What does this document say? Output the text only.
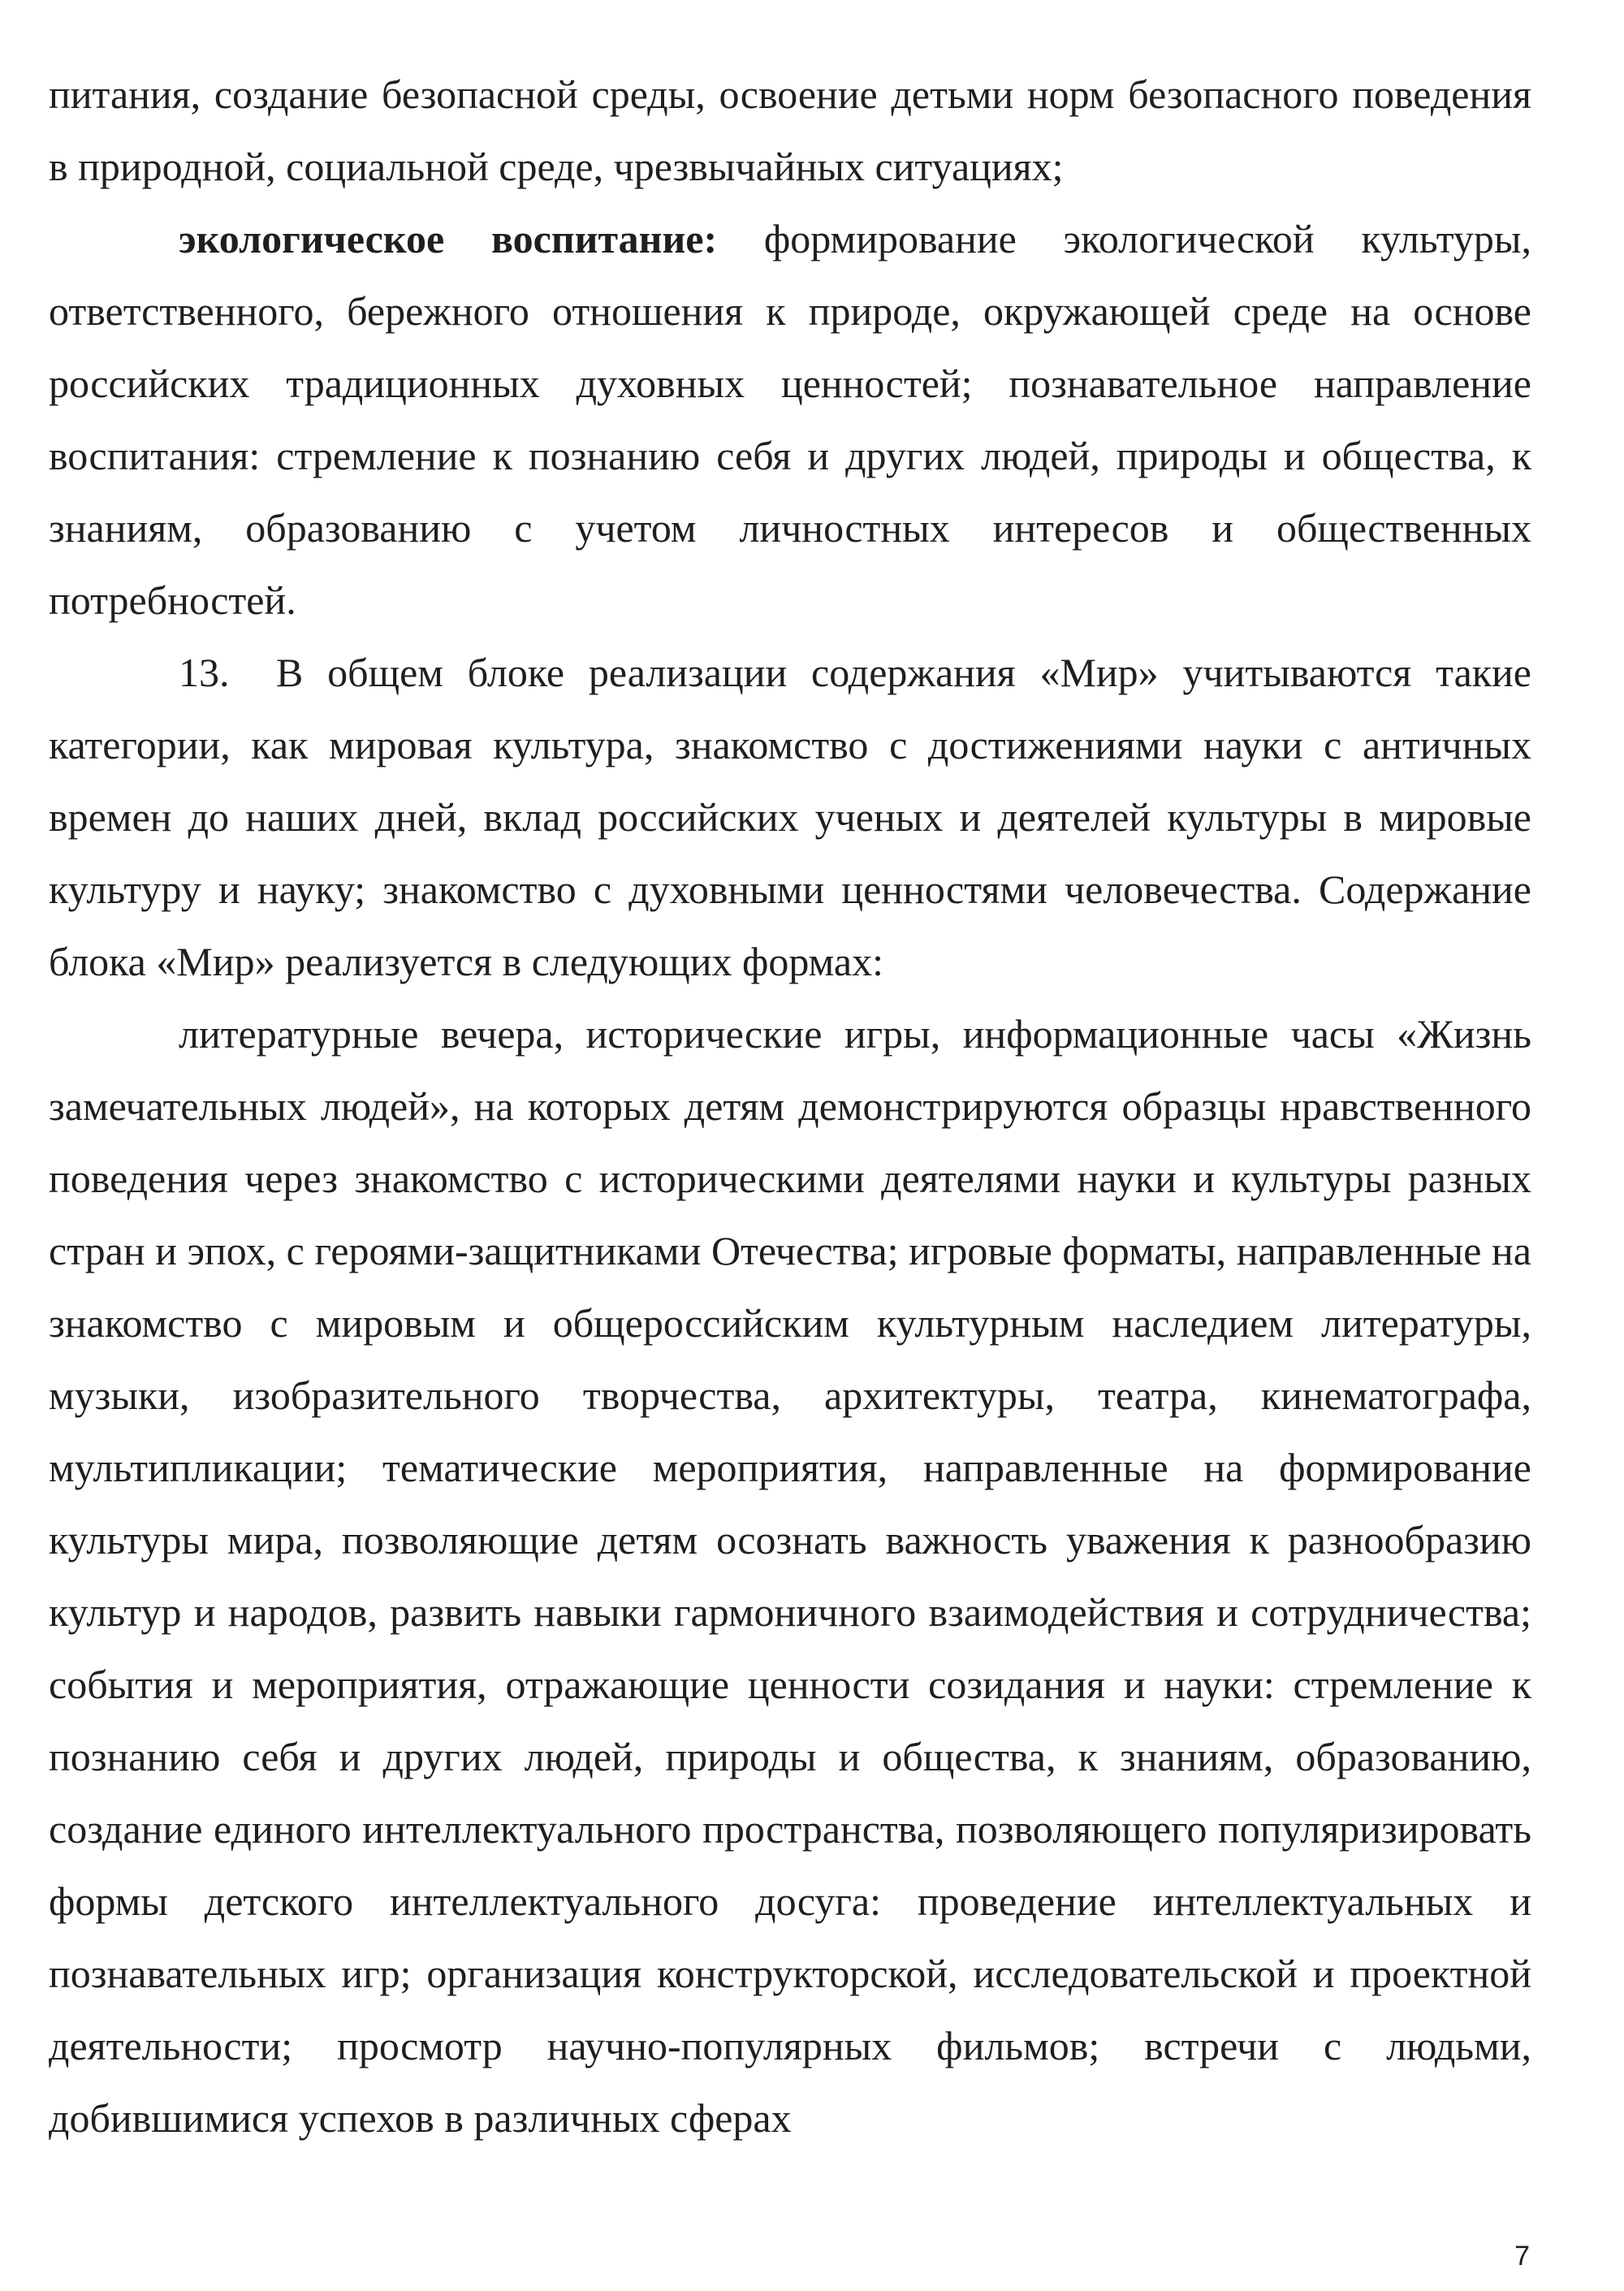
питания, создание безопасной среды, освоение детьми норм безопасного поведения в природной, социальной среде, чрезвычайных ситуациях;

экологическое воспитание: формирование экологической культуры, ответственного, бережного отношения к природе, окружающей среде на основе российских традиционных духовных ценностей; познавательное направление воспитания: стремление к познанию себя и других людей, природы и общества, к знаниям, образованию с учетом личностных интересов и общественных потребностей.

13. В общем блоке реализации содержания «Мир» учитываются такие категории, как мировая культура, знакомство с достижениями науки с античных времен до наших дней, вклад российских ученых и деятелей культуры в мировые культуру и науку; знакомство с духовными ценностями человечества. Содержание блока «Мир» реализуется в следующих формах:

литературные вечера, исторические игры, информационные часы «Жизнь замечательных людей», на которых детям демонстрируются образцы нравственного поведения через знакомство с историческими деятелями науки и культуры разных стран и эпох, с героями-защитниками Отечества; игровые форматы, направленные на знакомство с мировым и общероссийским культурным наследием литературы, музыки, изобразительного творчества, архитектуры, театра, кинематографа, мультипликации; тематические мероприятия, направленные на формирование культуры мира, позволяющие детям осознать важность уважения к разнообразию культур и народов, развить навыки гармоничного взаимодействия и сотрудничества; события и мероприятия, отражающие ценности созидания и науки: стремление к познанию себя и других людей, природы и общества, к знаниям, образованию, создание единого интеллектуального пространства, позволяющего популяризировать формы детского интеллектуального досуга: проведение интеллектуальных и познавательных игр; организация конструкторской, исследовательской и проектной деятельности; просмотр научно-популярных фильмов; встречи с людьми, добившимися успехов в различных сферах

7
